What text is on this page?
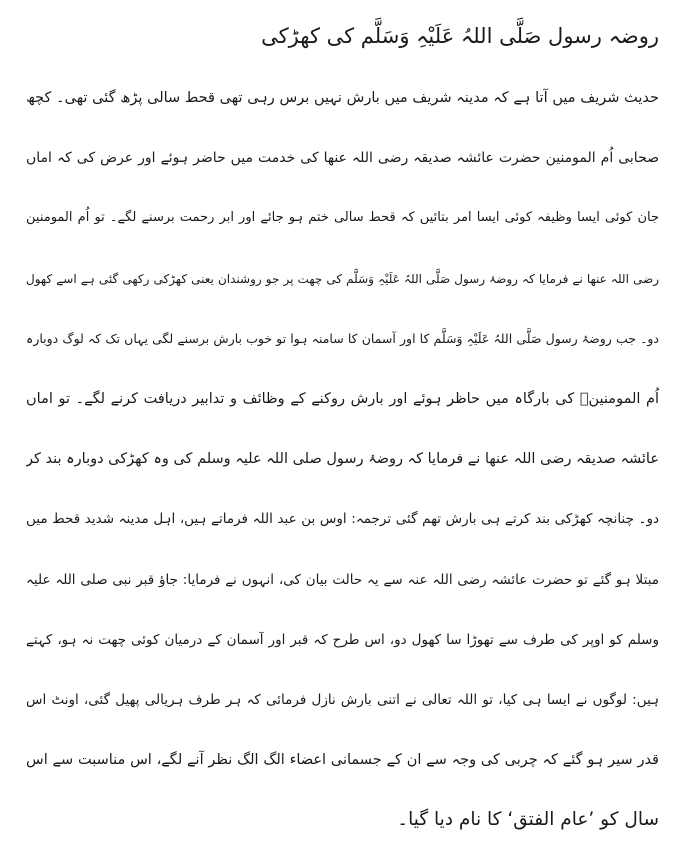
روضہ رسول صَلَّی اللہُ عَلَیْہِ وَسَلَّم کی کھڑکی
حدیث شریف میں آتا ہے کہ مدینہ شریف میں بارش نہیں برس رہی تھی قحط سالی پڑھ گئی تھی۔ کچھ
صحابی اُم المومنین حضرت عائشہ صدیقہ رضی اللہ عنھا کی خدمت میں حاضر ہوئے اور عرض کی کہ اماں
جان کوئی ایسا وظیفہ کوئی ایسا امر بتائیں کہ قحط سالی ختم ہو جائے اور ابر رحمت برسنے لگے۔ تو اُم المومنین
رضی اللہ عنھا نے فرمایا کہ روضۂ رسول صَلَّی اللہُ عَلَیْہِ وَسَلَّم کی چھت پر جو روشندان یعنی کھڑکی رکھی گئی ہے اسے کھول
دو۔ جب روضۂ رسول صَلَّی اللہُ عَلَیْہِ وَسَلَّم کا اور آسمان کا سامنہ ہوا تو خوب بارش برسنے لگی یہاں تک کہ لوگ دوبارہ
اُم المومنینؓ کی بارگاہ میں حاظر ہوئے اور بارش روکنے کے وظائف و تدابیر دریافت کرنے لگے۔ تو اماں
عائشہ صدیقہ رضی اللہ عنھا نے فرمایا کہ روضۂ رسول صلی اللہ علیہ وسلم کی وہ کھڑکی دوبارہ بند کر
دو۔ چنانچہ کھڑکی بند کرتے ہی بارش تھم گئی ترجمہ: اوس بن عبد اللہ فرماتے ہیں، اہل مدینہ شدید قحط میں
مبتلا ہو گئے تو حضرت عائشہ رضی اللہ عنہ سے یہ حالت بیان کی، انہوں نے فرمایا: جاؤ قبر نبی صلی اللہ علیہ
وسلم کو اوپر کی طرف سے تھوڑا سا کھول دو، اس طرح کہ قبر اور آسمان کے درمیان کوئی چھت نہ ہو، کہتے
ہیں: لوگوں نے ایسا ہی کیا، تو اللہ تعالی نے اتنی بارش نازل فرمائی کہ ہر طرف ہریالی پھیل گئی، اونٹ اس
قدر سیر ہو گئے کہ چربی کی وجہ سے ان کے جسمانی اعضاء الگ الگ نظر آنے لگے، اس مناسبت سے اس
سال کو ’عام الفتق‘ کا نام دیا گیا۔
